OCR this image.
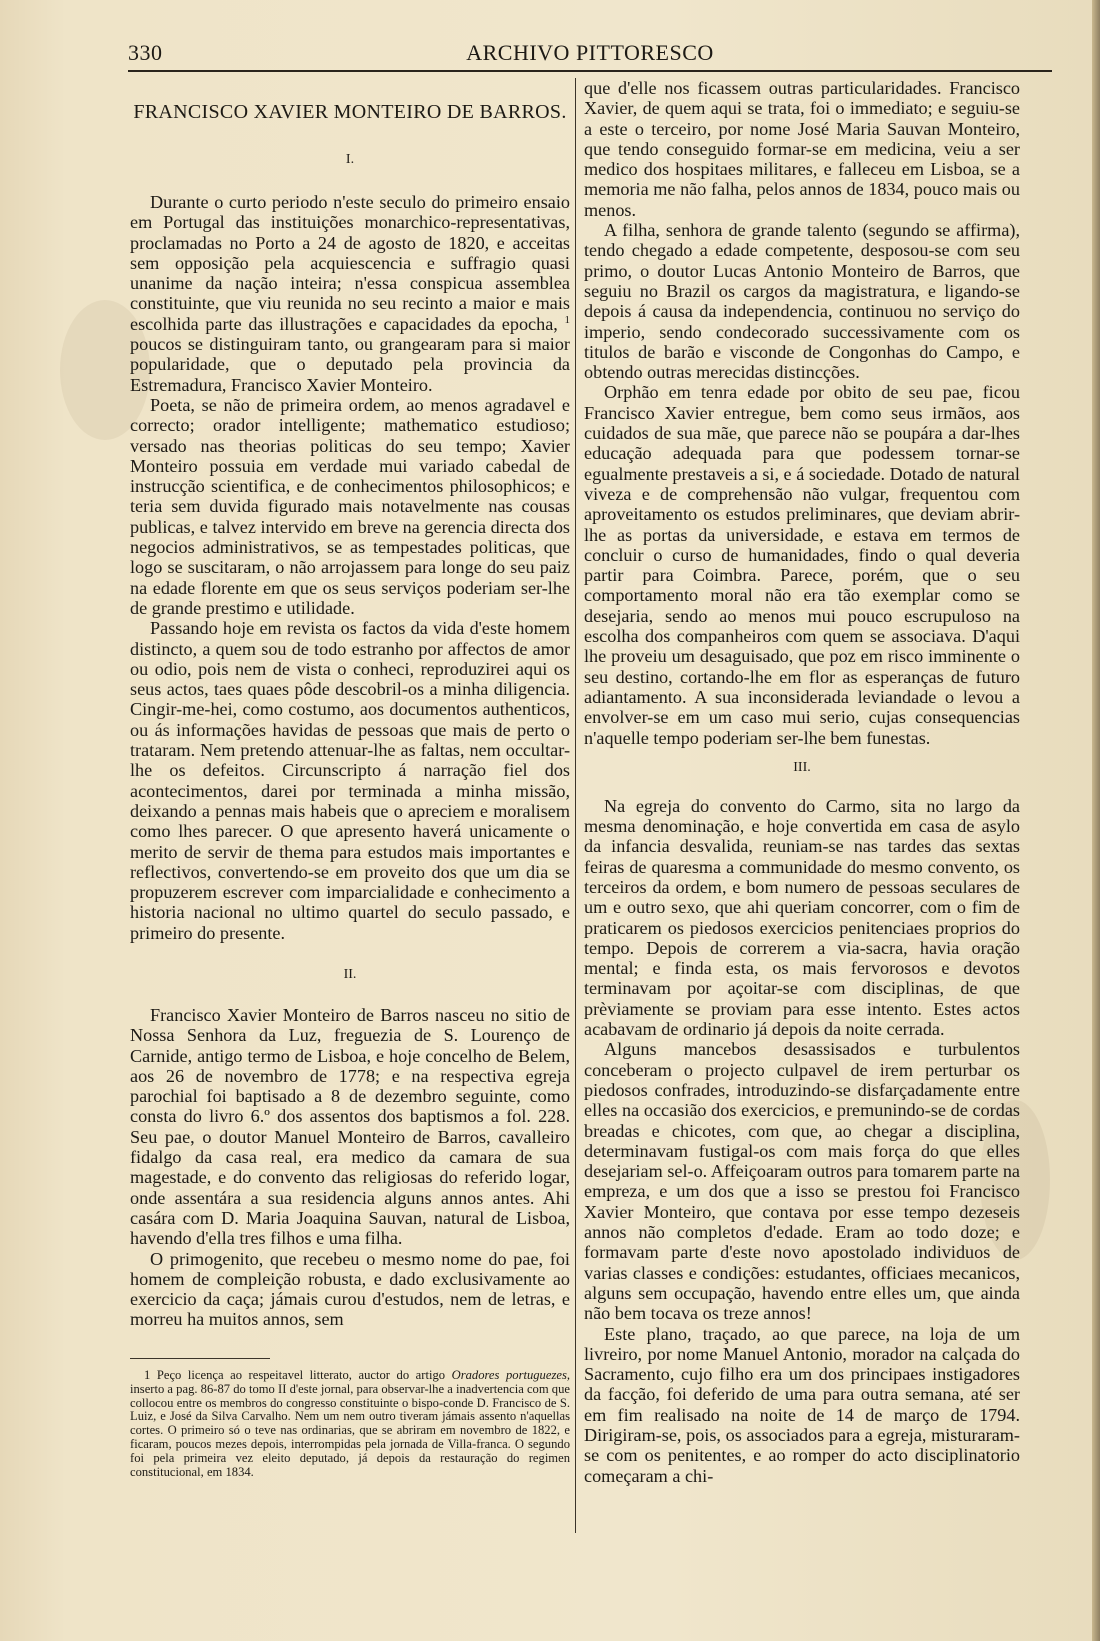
330	ARCHIVO PITTORESCO
FRANCISCO XAVIER MONTEIRO DE BARROS.
I.

Durante o curto periodo n'este seculo do primeiro ensaio em Portugal das instituições monarchico-representativas, proclamadas no Porto a 24 de agosto de 1820, e acceitas sem opposição pela acquiescencia e suffragio quasi unanime da nação inteira; n'essa conspicua assemblea constituinte, que viu reunida no seu recinto a maior e mais escolhida parte das illustrações e capacidades da epocha, $^1$ poucos se distinguiram tanto, ou grangearam para si maior popularidade, que o deputado pela provincia da Estremadura, Francisco Xavier Monteiro.

Poeta, se não de primeira ordem, ao menos agradavel e correcto; orador intelligente; mathematico estudioso; versado nas theorias politicas do seu tempo; Xavier Monteiro possuia em verdade mui variado cabedal de instrucção scientifica, e de conhecimentos philosophicos; e teria sem duvida figurado mais notavelmente nas cousas publicas, e talvez intervido em breve na gerencia directa dos negocios administrativos, se as tempestades politicas, que logo se suscitaram, o não arrojassem para longe do seu paiz na edade florente em que os seus serviços poderiam ser-lhe de grande prestimo e utilidade.

Passando hoje em revista os factos da vida d'este homem distincto, a quem sou de todo estranho por affectos de amor ou odio, pois nem de vista o conheci, reproduzirei aqui os seus actos, taes quaes pôde descobril-os a minha diligencia. Cingir-me-hei, como costumo, aos documentos authenticos, ou ás informações havidas de pessoas que mais de perto o trataram. Nem pretendo attenuar-lhe as faltas, nem occultar-lhe os defeitos. Circunscripto á narração fiel dos acontecimentos, darei por terminada a minha missão, deixando a pennas mais habeis que o apreciem e moralisem como lhes parecer. O que apresento haverá unicamente o merito de servir de thema para estudos mais importantes e reflectivos, convertendo-se em proveito dos que um dia se propuzerem escrever com imparcialidade e conhecimento a historia nacional no ultimo quartel do seculo passado, e primeiro do presente.

II.

Francisco Xavier Monteiro de Barros nasceu no sitio de Nossa Senhora da Luz, freguezia de S. Lourenço de Carnide, antigo termo de Lisboa, e hoje concelho de Belem, aos 26 de novembro de 1778; e na respectiva egreja parochial foi baptisado a 8 de dezembro seguinte, como consta do livro 6.º dos assentos dos baptismos a fol. 228. Seu pae, o doutor Manuel Monteiro de Barros, cavalleiro fidalgo da casa real, era medico da camara de sua magestade, e do convento das religiosas do referido logar, onde assentára a sua residencia alguns annos antes. Ahi casára com D. Maria Joaquina Sauvan, natural de Lisboa, havendo d'ella tres filhos e uma filha.

O primogenito, que recebeu o mesmo nome do pae, foi homem de compleição robusta, e dado exclusivamente ao exercicio da caça; jámais curou d'estudos, nem de letras, e morreu ha muitos annos, sem

1 Peço licença ao respeitavel litterato, auctor do artigo Oradores portuguezes, inserto a pag. 86-87 do tomo II d'este jornal, para observar-lhe a inadvertencia com que collocou entre os membros do congresso constituinte o bispo-conde D. Francisco de S. Luiz, e José da Silva Carvalho. Nem um nem outro tiveram jámais assento n'aquellas cortes. O primeiro só o teve nas ordinarias, que se abriram em novembro de 1822, e ficaram, poucos mezes depois, interrompidas pela jornada de Villa-franca. O segundo foi pela primeira vez eleito deputado, já depois da restauração do regimen constitucional, em 1834.

que d'elle nos ficassem outras particularidades. Francisco Xavier, de quem aqui se trata, foi o immediato; e seguiu-se a este o terceiro, por nome José Maria Sauvan Monteiro, que tendo conseguido formar-se em medicina, veiu a ser medico dos hospitaes militares, e falleceu em Lisboa, se a memoria me não falha, pelos annos de 1834, pouco mais ou menos.

A filha, senhora de grande talento (segundo se affirma), tendo chegado a edade competente, desposou-se com seu primo, o doutor Lucas Antonio Monteiro de Barros, que seguiu no Brazil os cargos da magistratura, e ligando-se depois á causa da independencia, continuou no serviço do imperio, sendo condecorado successivamente com os titulos de barão e visconde de Congonhas do Campo, e obtendo outras merecidas distincções.

Orphão em tenra edade por obito de seu pae, ficou Francisco Xavier entregue, bem como seus irmãos, aos cuidados de sua mãe, que parece não se poupára a dar-lhes educação adequada para que podessem tornar-se egualmente prestaveis a si, e á sociedade. Dotado de natural viveza e de comprehensão não vulgar, frequentou com aproveitamento os estudos preliminares, que deviam abrir-lhe as portas da universidade, e estava em termos de concluir o curso de humanidades, findo o qual deveria partir para Coimbra. Parece, porém, que o seu comportamento moral não era tão exemplar como se desejaria, sendo ao menos mui pouco escrupuloso na escolha dos companheiros com quem se associava. D'aqui lhe proveiu um desaguisado, que poz em risco imminente o seu destino, cortando-lhe em flor as esperanças de futuro adiantamento. A sua inconsiderada leviandade o levou a envolver-se em um caso mui serio, cujas consequencias n'aquelle tempo poderiam ser-lhe bem funestas.

III.

Na egreja do convento do Carmo, sita no largo da mesma denominação, e hoje convertida em casa de asylo da infancia desvalida, reuniam-se nas tardes das sextas feiras de quaresma a communidade do mesmo convento, os terceiros da ordem, e bom numero de pessoas seculares de um e outro sexo, que ahi queriam concorrer, com o fim de praticarem os piedosos exercicios penitenciaes proprios do tempo. Depois de correrem a via-sacra, havia oração mental; e finda esta, os mais fervorosos e devotos terminavam por açoitar-se com disciplinas, de que prèviamente se proviam para esse intento. Estes actos acabavam de ordinario já depois da noite cerrada.

Alguns mancebos desassisados e turbulentos conceberam o projecto culpavel de irem perturbar os piedosos confrades, introduzindo-se disfarçadamente entre elles na occasião dos exercicios, e premunindo-se de cordas breadas e chicotes, com que, ao chegar a disciplina, determinavam fustigal-os com mais força do que elles desejariam sel-o. Affeiçoaram outros para tomarem parte na empreza, e um dos que a isso se prestou foi Francisco Xavier Monteiro, que contava por esse tempo dezeseis annos não completos d'edade. Eram ao todo doze; e formavam parte d'este novo apostolado individuos de varias classes e condições: estudantes, officiaes mecanicos, alguns sem occupação, havendo entre elles um, que ainda não bem tocava os treze annos!

Este plano, traçado, ao que parece, na loja de um livreiro, por nome Manuel Antonio, morador na calçada do Sacramento, cujo filho era um dos principaes instigadores da facção, foi deferido de uma para outra semana, até ser em fim realisado na noite de 14 de março de 1794. Dirigiram-se, pois, os associados para a egreja, misturaram-se com os penitentes, e ao romper do acto disciplinatorio começaram a chi-
